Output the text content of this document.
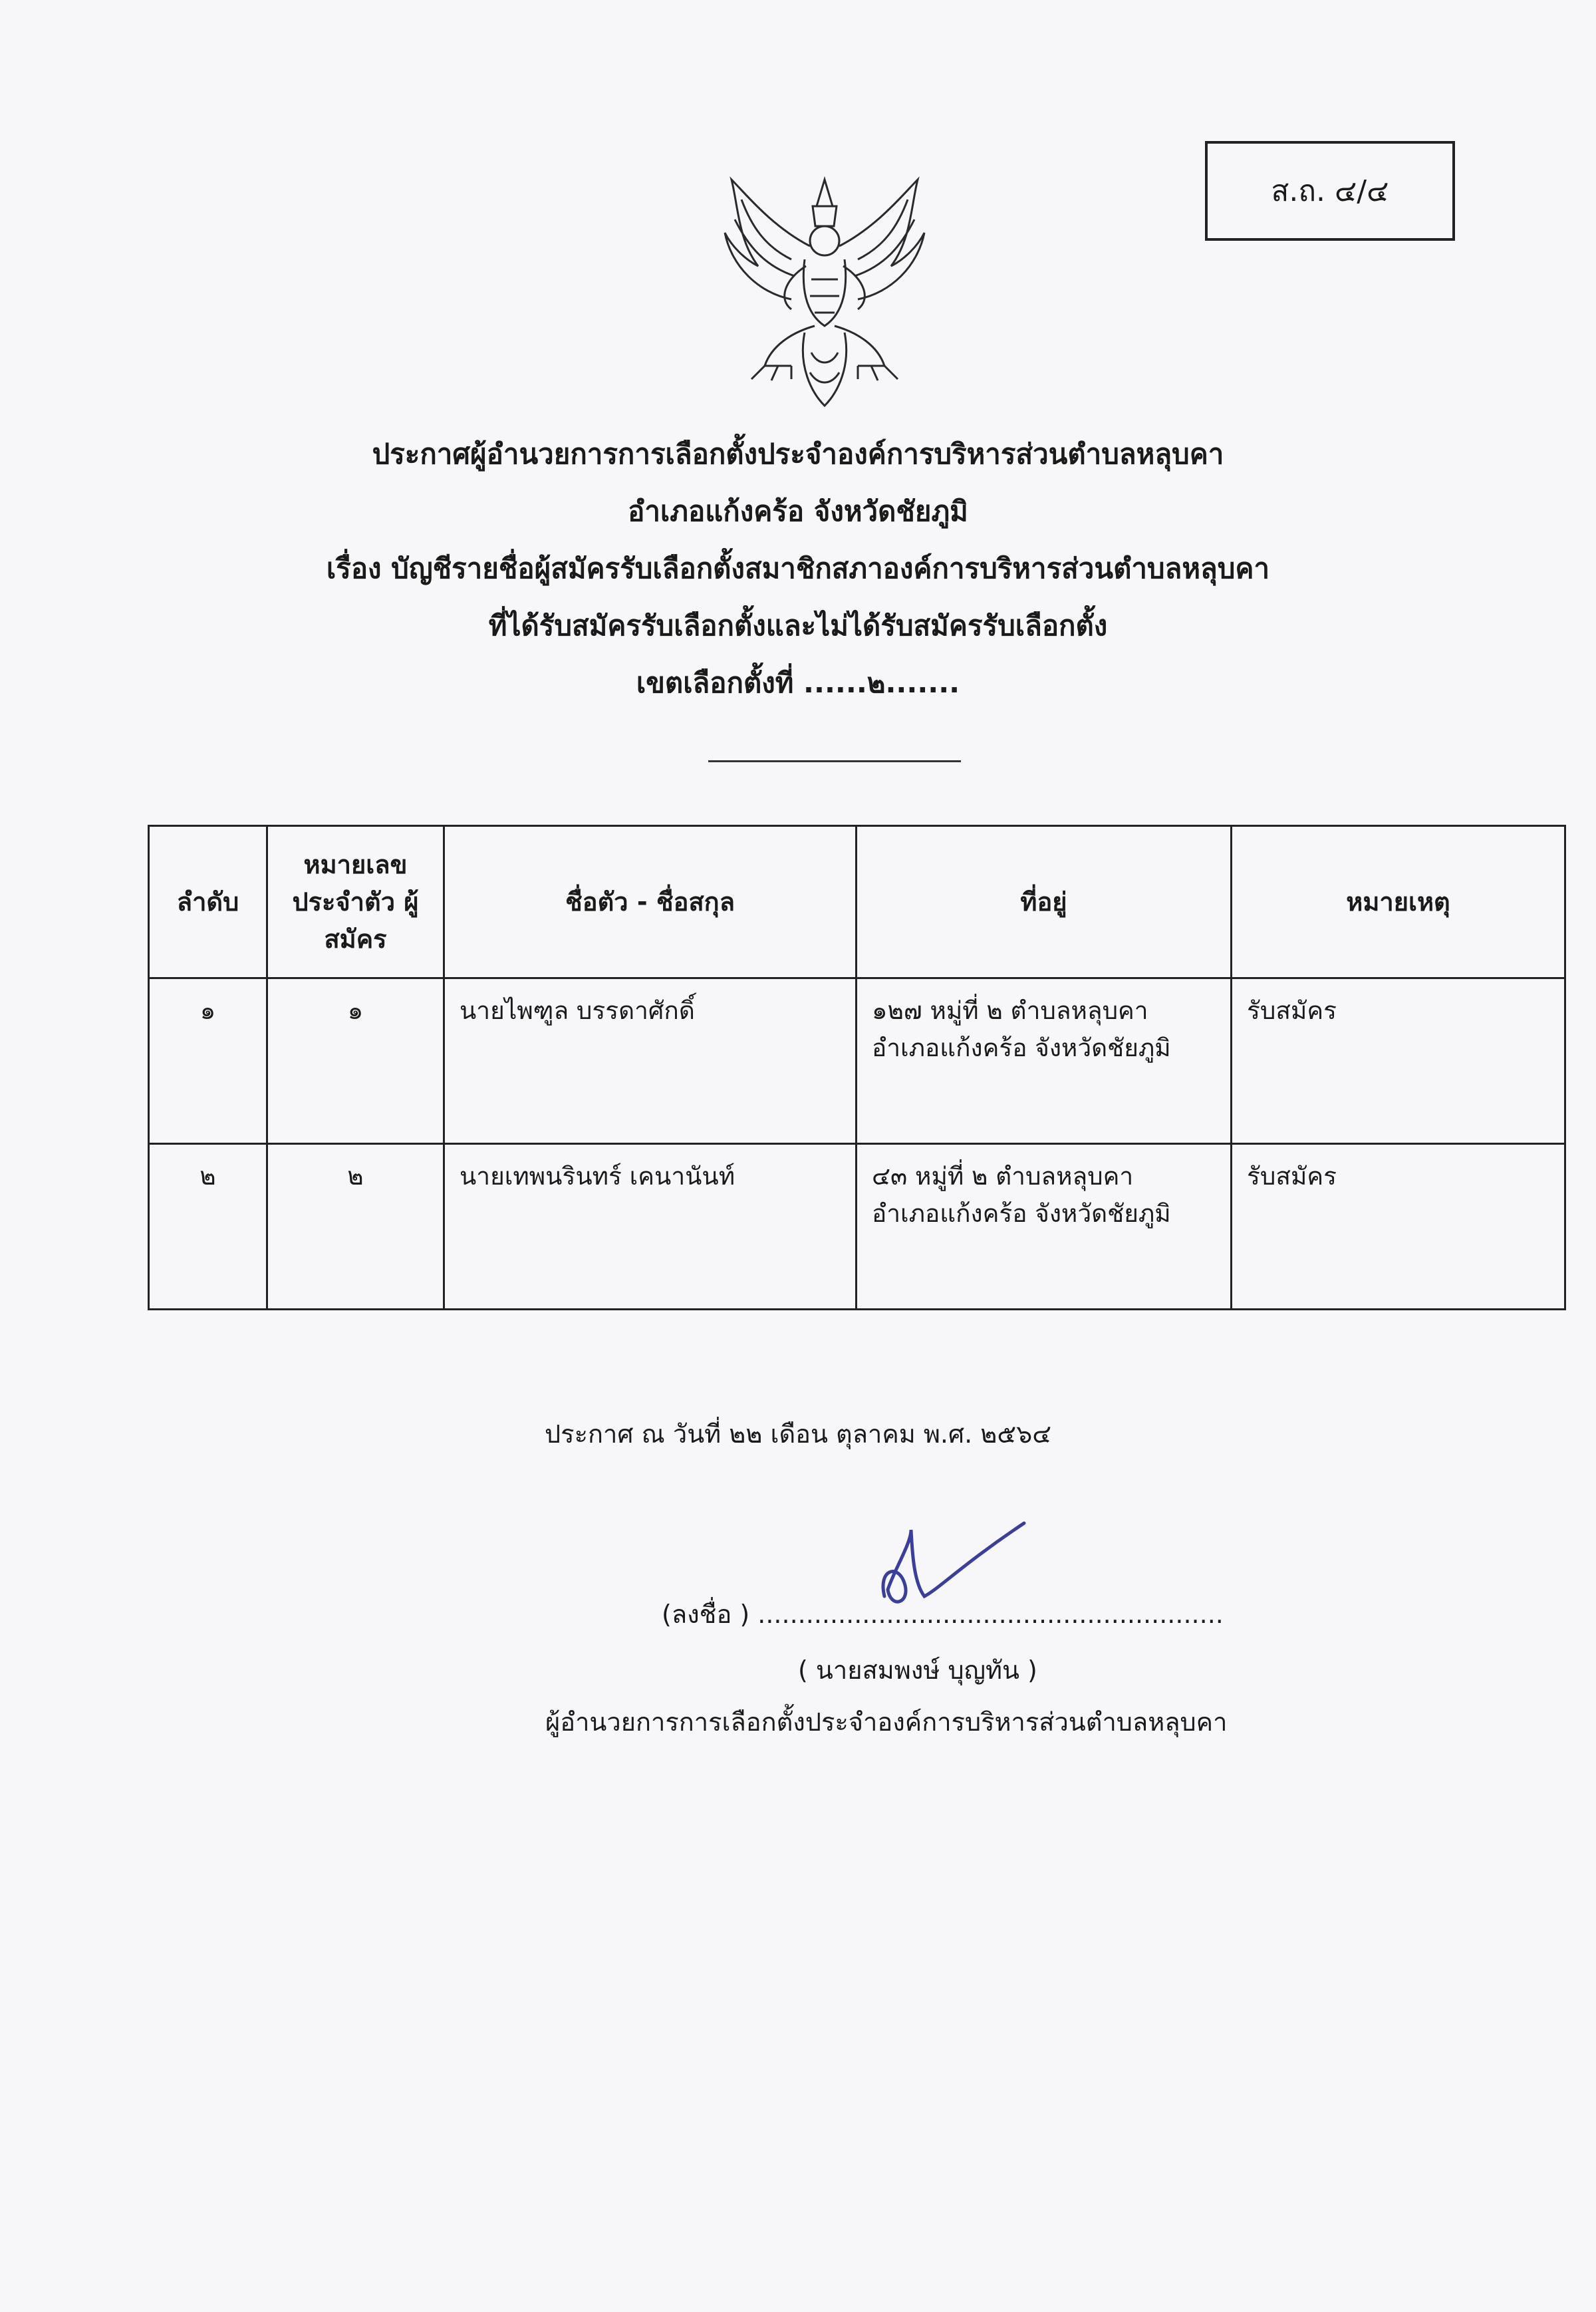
ส.ถ. ๔/๔
ประกาศผู้อำนวยการการเลือกตั้งประจำองค์การบริหารส่วนตำบลหลุบคา
อำเภอแก้งคร้อ จังหวัดชัยภูมิ
เรื่อง บัญชีรายชื่อผู้สมัครรับเลือกตั้งสมาชิกสภาองค์การบริหารส่วนตำบลหลุบคา
ที่ได้รับสมัครรับเลือกตั้งและไม่ได้รับสมัครรับเลือกตั้ง
เขตเลือกตั้งที่ ......๒.......
ลำดับ	หมายเลข ประจำตัว ผู้สมัคร	ชื่อตัว - ชื่อสกุล	ที่อยู่	หมายเหตุ
๑	๑	นายไพฑูล บรรดาศักดิ์	๑๒๗ หมู่ที่ ๒ ตำบลหลุบคา
อำเภอแก้งคร้อ จังหวัดชัยภูมิ	รับสมัคร
๒	๒	นายเทพนรินทร์ เคนานันท์	๔๓ หมู่ที่ ๒ ตำบลหลุบคา
อำเภอแก้งคร้อ จังหวัดชัยภูมิ	รับสมัคร
ประกาศ ณ วันที่ ๒๒ เดือน ตุลาคม พ.ศ. ๒๕๖๔
(ลงชื่อ ) ..........................................................
( นายสมพงษ์ บุญทัน )
ผู้อำนวยการการเลือกตั้งประจำองค์การบริหารส่วนตำบลหลุบคา
